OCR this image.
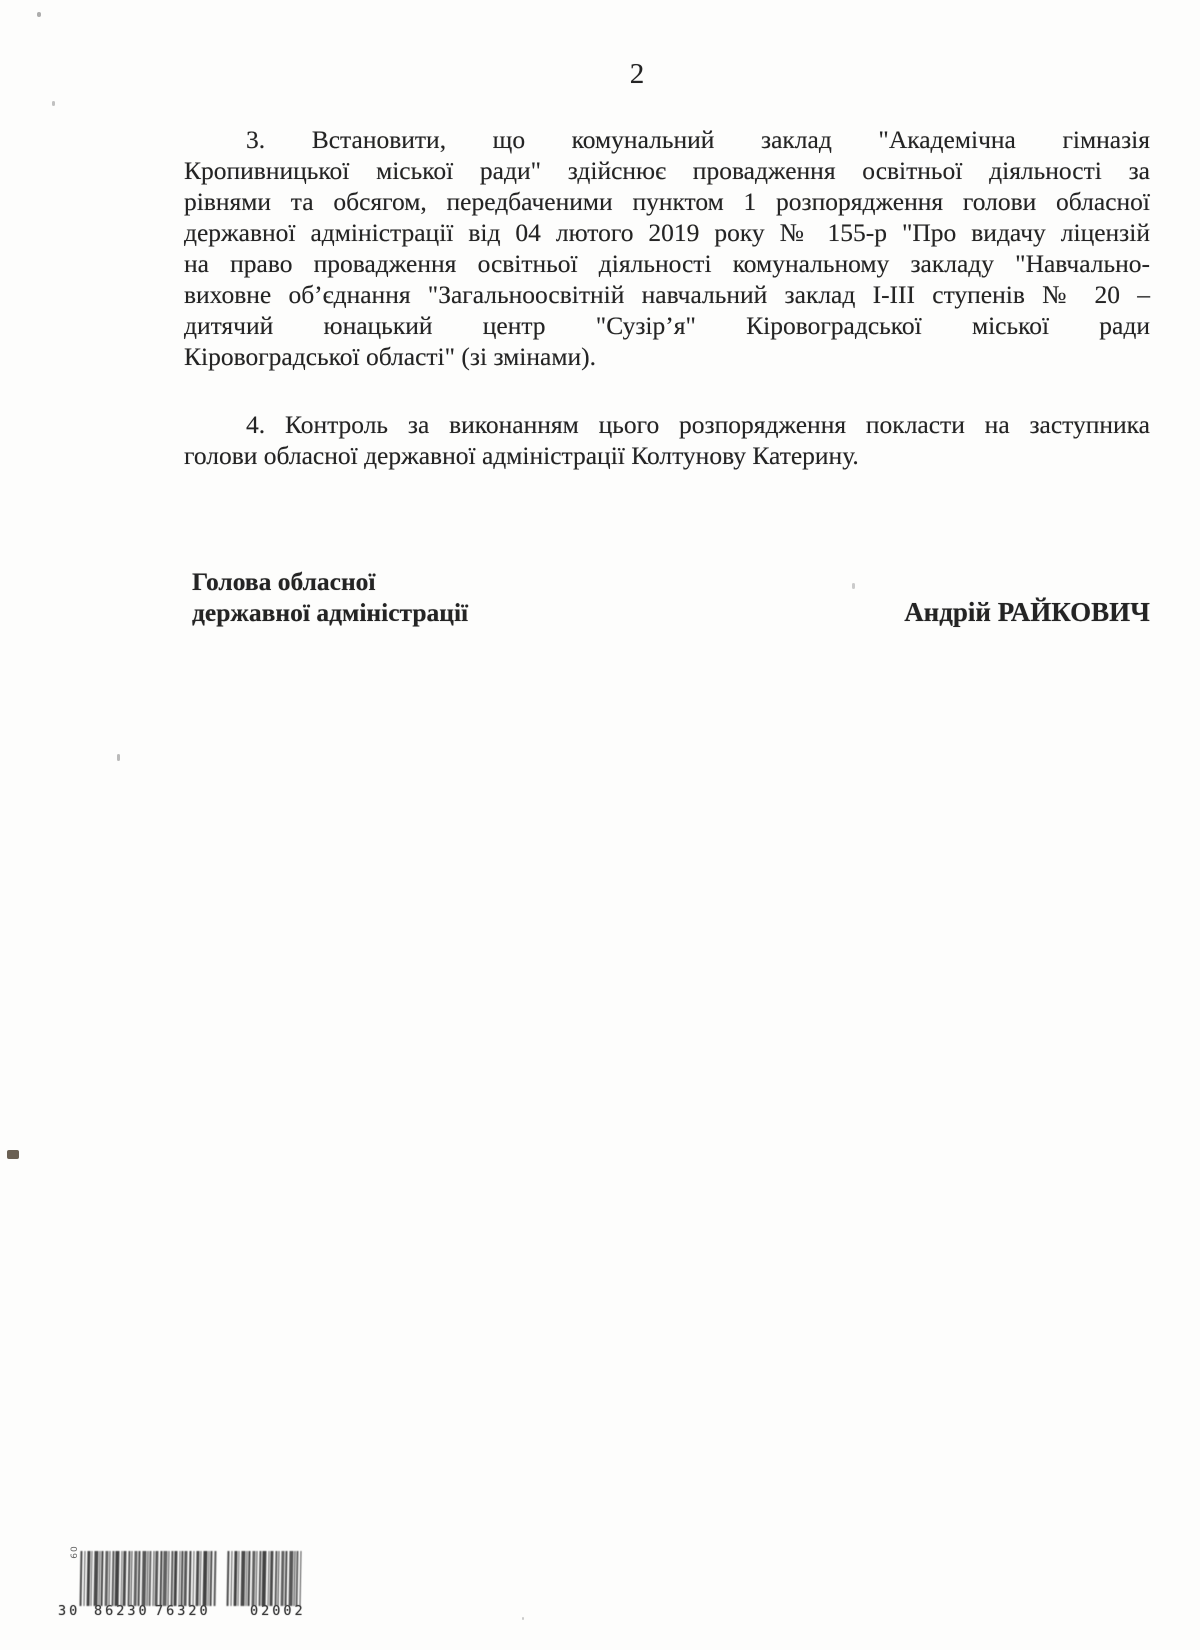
2
3. Встановити, що комунальний заклад "Академічна гімназія
Кропивницької міської ради" здійснює провадження освітньої діяльності за
рівнями та обсягом, передбаченими пунктом 1 розпорядження голови обласної
державної адміністрації від 04 лютого 2019 року № 155-р "Про видачу ліцензій
на право провадження освітньої діяльності комунальному закладу "Навчально-
виховне об’єднання "Загальноосвітній навчальний заклад І-ІІІ ступенів № 20 –
дитячий юнацький центр "Сузір’я" Кіровоградської міської ради
Кіровоградської області" (зі змінами).
4. Контроль за виконанням цього розпорядження покласти на заступника
голови обласної державної адміністрації Колтунову Катерину.
Голова обласної
державної адміністрації	Андрій РАЙКОВИЧ
09
30 86230 76320	02002
